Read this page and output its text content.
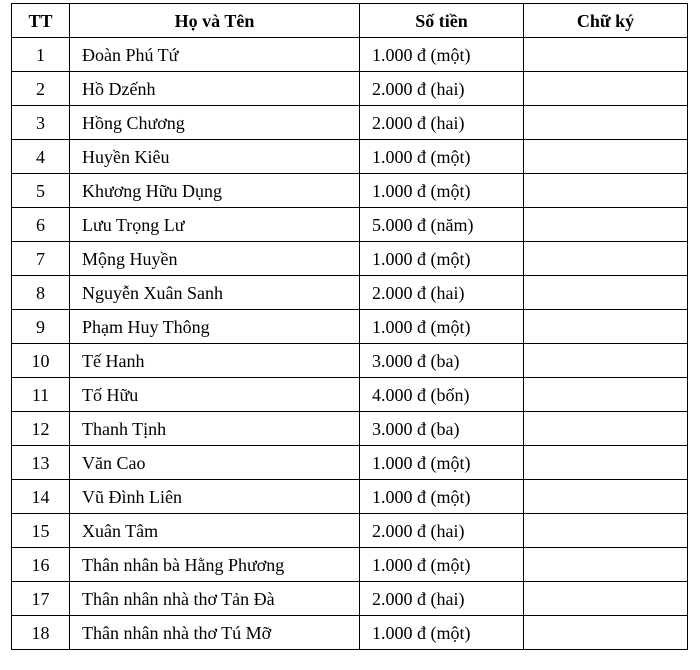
TT	Họ và Tên	Số tiền	Chữ ký
1	Đoàn Phú Tứ	1.000 đ (một)	
2	Hồ Dzếnh	2.000 đ (hai)	
3	Hồng Chương	2.000 đ (hai)	
4	Huyền Kiêu	1.000 đ (một)	
5	Khương Hữu Dụng	1.000 đ (một)	
6	Lưu Trọng Lư	5.000 đ (năm)	
7	Mộng Huyền	1.000 đ (một)	
8	Nguyễn Xuân Sanh	2.000 đ (hai)	
9	Phạm Huy Thông	1.000 đ (một)	
10	Tế Hanh	3.000 đ (ba)	
11	Tố Hữu	4.000 đ (bốn)	
12	Thanh Tịnh	3.000 đ (ba)	
13	Văn Cao	1.000 đ (một)	
14	Vũ Đình Liên	1.000 đ (một)	
15	Xuân Tâm	2.000 đ (hai)	
16	Thân nhân bà Hằng Phương	1.000 đ (một)	
17	Thân nhân nhà thơ Tản Đà	2.000 đ (hai)	
18	Thân nhân nhà thơ Tú Mỡ	1.000 đ (một)	
